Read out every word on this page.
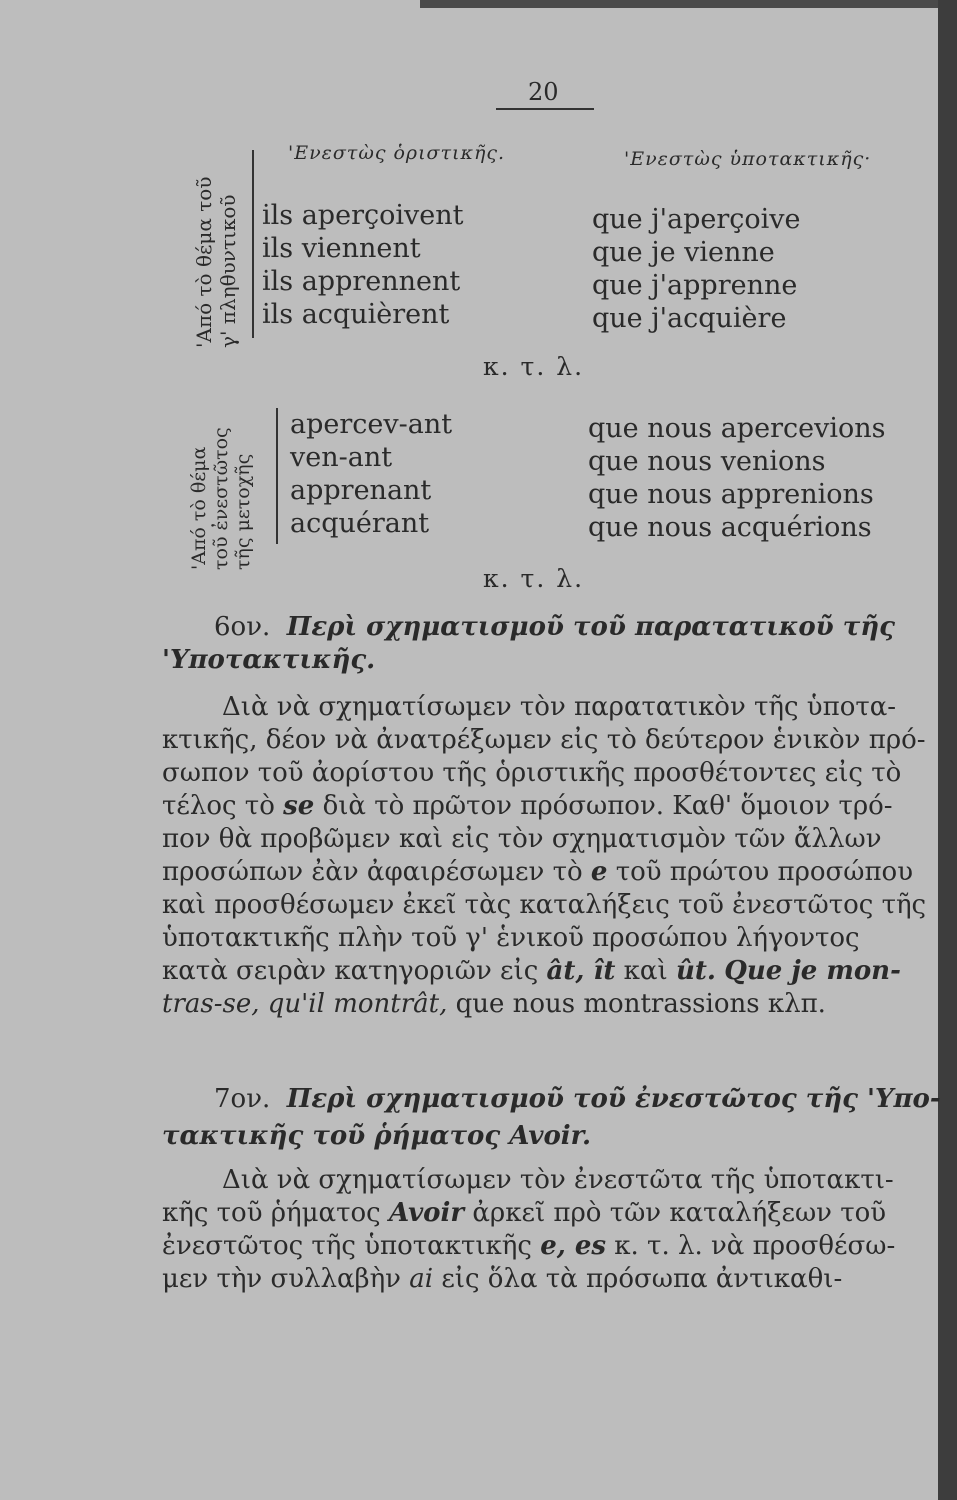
20
'Ενεστὼς ὁριστικῆς.	'Ενεστὼς ὑποτακτικῆς·
'Από τὸ θέμα τοῦ γ' πληθυντικοῦ ils aperçoivent
ils viennent
ils apprennent
ils acquièrent
que j'aperçoive
que je vienne
que j'apprenne
que j'acquière
κ. τ. λ.
'Από τὸ θέμα τοῦ ἐνεστῶτος τῆς μετοχῆς
apercev-ant
ven-ant
apprenant
acquérant
que nous apercevions
que nous venions
que nous apprenions
que nous acquérions
κ. τ. λ.
6ον. Περὶ σχηματισμοῦ τοῦ παρατατικοῦ τῆς
'Υποτακτικῆς.
Διὰ νὰ σχηματίσωμεν τὸν παρατατικὸν τῆς ὑποτα-
κτικῆς, δέον νὰ ἀνατρέξωμεν εἰς τὸ δεύτερον ἑνικὸν πρό-
σωπον τοῦ ἀορίστου τῆς ὁριστικῆς προσθέτοντες εἰς τὸ
τέλος τὸ se διὰ τὸ πρῶτον πρόσωπον. Καθ' ὅμοιον τρό-
πον θὰ προβῶμεν καὶ εἰς τὸν σχηματισμὸν τῶν ἄλλων
προσώπων ἐὰν ἀφαιρέσωμεν τὸ e τοῦ πρώτου προσώπου
καὶ προσθέσωμεν ἐκεῖ τὰς καταλήξεις τοῦ ἐνεστῶτος τῆς
ὑποτακτικῆς πλὴν τοῦ γ' ἑνικοῦ προσώπου λήγοντος
κατὰ σειρὰν κατηγοριῶν εἰς ât, ît καὶ ût. Que je mon-
tras-se, qu'il montrât, que nous montrassions κλπ.
7ον. Περὶ σχηματισμοῦ τοῦ ἐνεστῶτος τῆς 'Υπο-
τακτικῆς τοῦ ῥήματος Avoir.
Διὰ νὰ σχηματίσωμεν τὸν ἐνεστῶτα τῆς ὑποτακτι-
κῆς τοῦ ῥήματος Avoir ἀρκεῖ πρὸ τῶν καταλήξεων τοῦ
ἐνεστῶτος τῆς ὑποτακτικῆς e, es κ. τ. λ. νὰ προσθέσω-
μεν τὴν συλλαβὴν ai εἰς ὅλα τὰ πρόσωπα ἀντικαθι-
